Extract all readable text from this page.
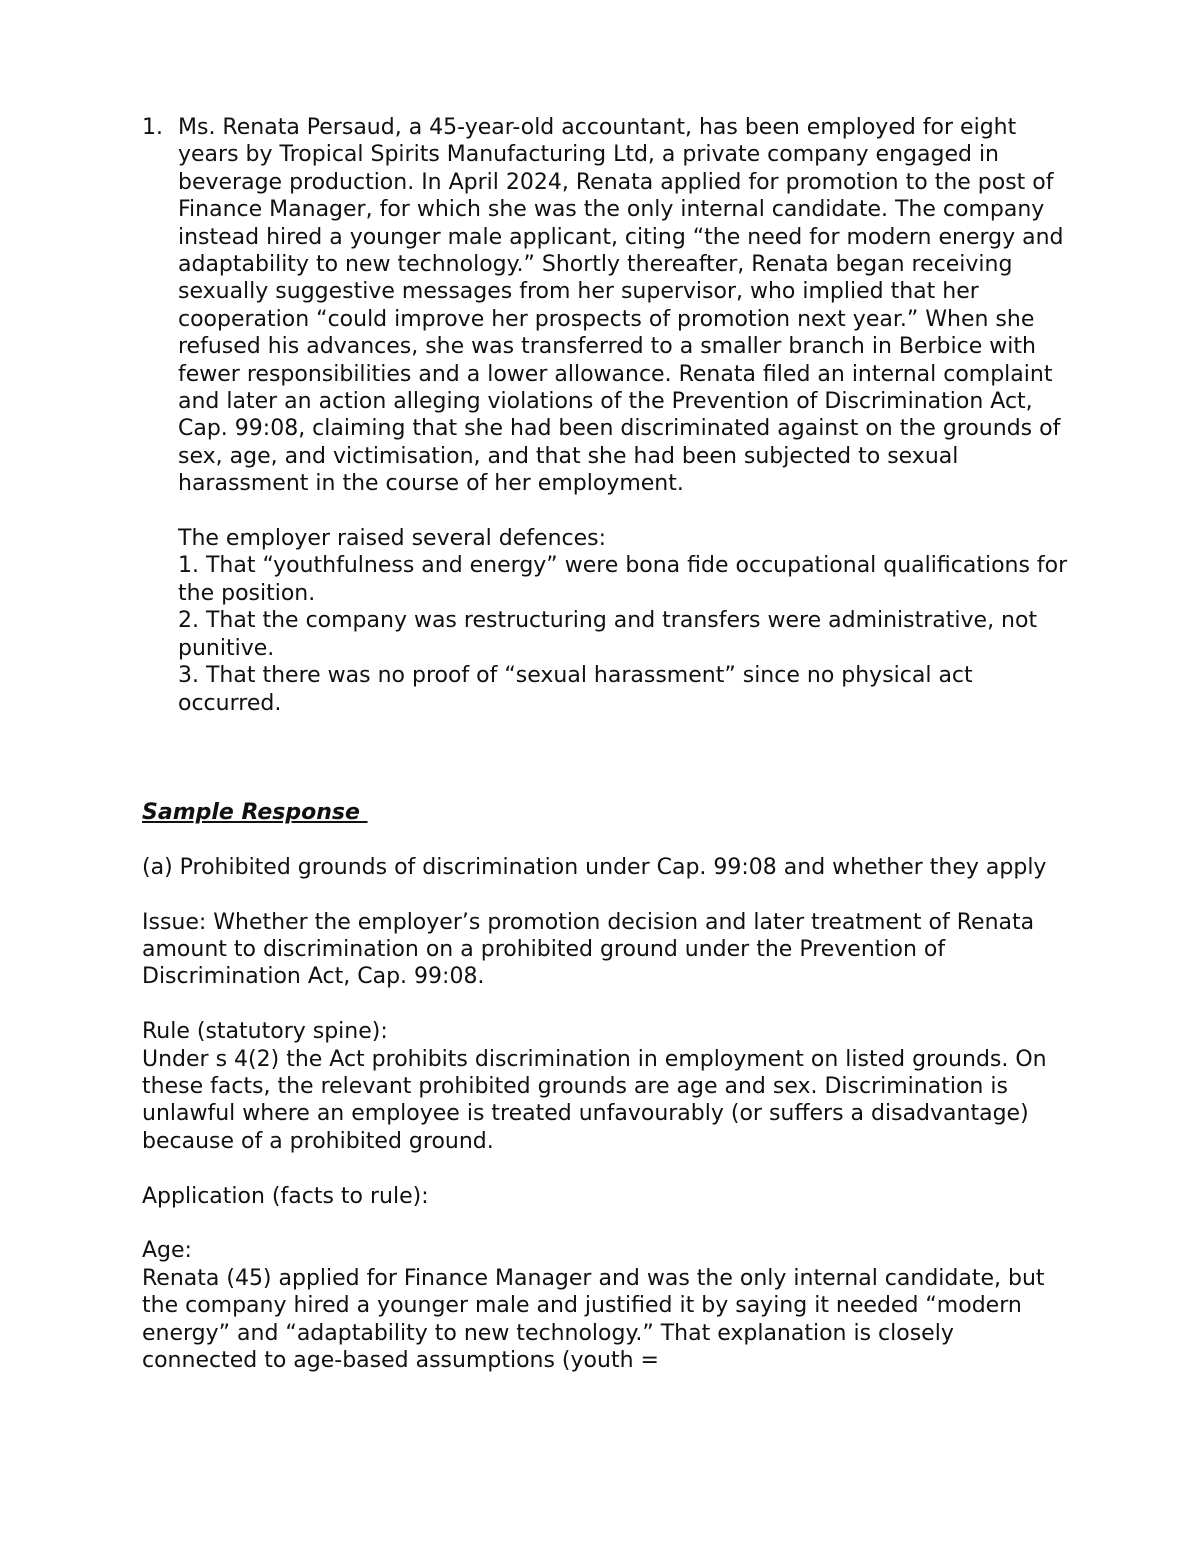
1. Ms. Renata Persaud, a 45-year-old accountant, has been employed for eight years by Tropical Spirits Manufacturing Ltd, a private company engaged in beverage production. In April 2024, Renata applied for promotion to the post of Finance Manager, for which she was the only internal candidate. The company instead hired a younger male applicant, citing “the need for modern energy and adaptability to new technology.” Shortly thereafter, Renata began receiving sexually suggestive messages from her supervisor, who implied that her cooperation “could improve her prospects of promotion next year.” When she refused his advances, she was transferred to a smaller branch in Berbice with fewer responsibilities and a lower allowance. Renata filed an internal complaint and later an action alleging violations of the Prevention of Discrimination Act, Cap. 99:08, claiming that she had been discriminated against on the grounds of sex, age, and victimisation, and that she had been subjected to sexual harassment in the course of her employment.

The employer raised several defences:

1. That “youthfulness and energy” were bona fide occupational qualifications for the position.

2. That the company was restructuring and transfers were administrative, not punitive.

3. That there was no proof of “sexual harassment” since no physical act occurred.

Sample Response

(a) Prohibited grounds of discrimination under Cap. 99:08 and whether they apply

Issue: Whether the employer’s promotion decision and later treatment of Renata amount to discrimination on a prohibited ground under the Prevention of Discrimination Act, Cap. 99:08.

Rule (statutory spine):

Under s 4(2) the Act prohibits discrimination in employment on listed grounds. On these facts, the relevant prohibited grounds are age and sex. Discrimination is unlawful where an employee is treated unfavourably (or suffers a disadvantage) because of a prohibited ground.

Application (facts to rule):

Age:

Renata (45) applied for Finance Manager and was the only internal candidate, but the company hired a younger male and justified it by saying it needed “modern energy” and “adaptability to new technology.” That explanation is closely connected to age-based assumptions (youth =
